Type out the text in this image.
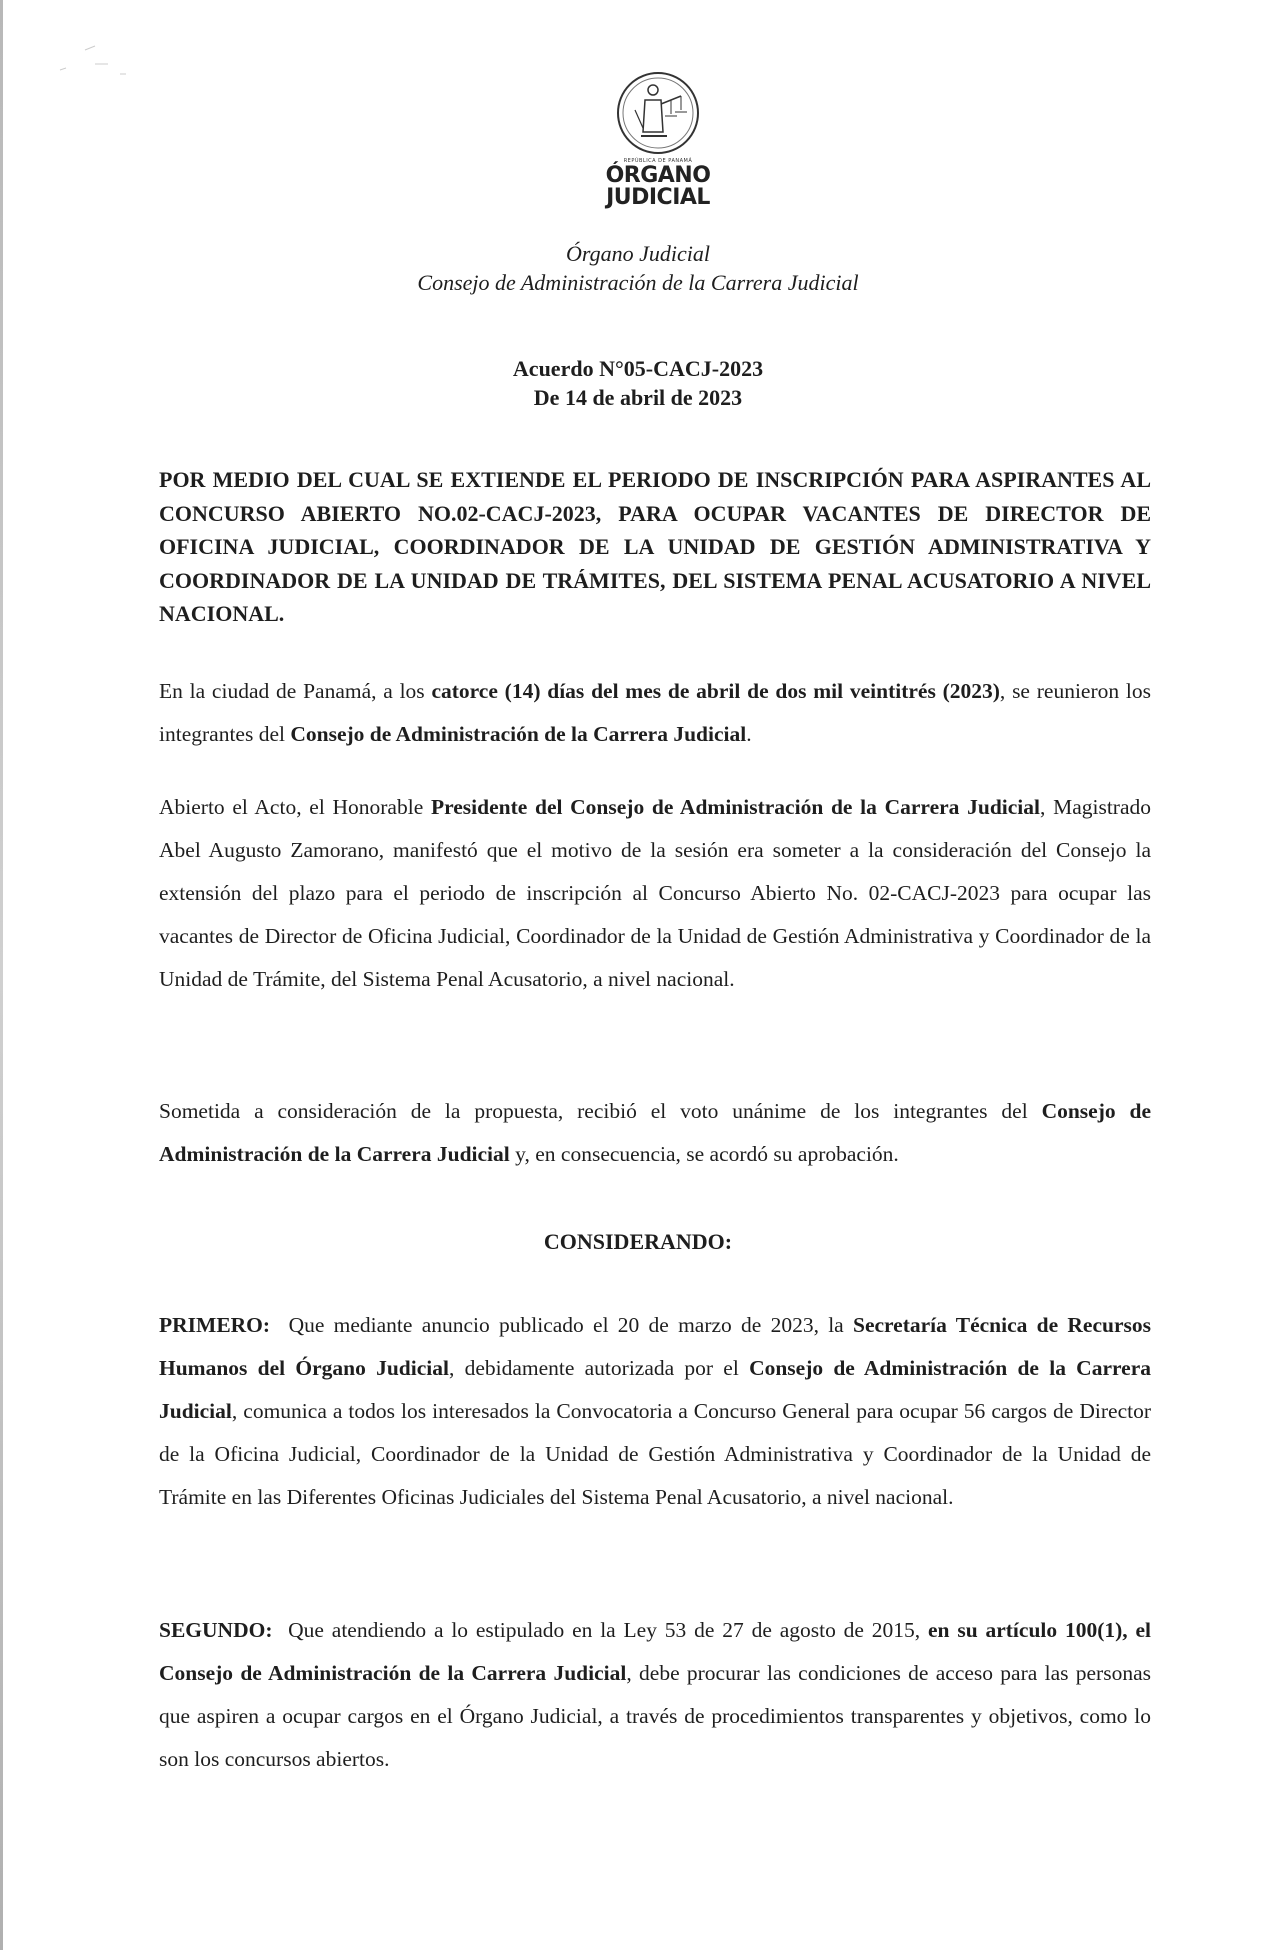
REPÚBLICA DE PANAMÁ
ÓRGANO
JUDICIAL
Órgano Judicial
Consejo de Administración de la Carrera Judicial
Acuerdo N°05-CACJ-2023
De 14 de abril de 2023
POR MEDIO DEL CUAL SE EXTIENDE EL PERIODO DE INSCRIPCIÓN PARA ASPIRANTES AL CONCURSO ABIERTO NO.02-CACJ-2023, PARA OCUPAR VACANTES DE DIRECTOR DE OFICINA JUDICIAL, COORDINADOR DE LA UNIDAD DE GESTIÓN ADMINISTRATIVA Y COORDINADOR DE LA UNIDAD DE TRÁMITES, DEL SISTEMA PENAL ACUSATORIO A NIVEL NACIONAL.
En la ciudad de Panamá, a los catorce (14) días del mes de abril de dos mil veintitrés (2023), se reunieron los integrantes del Consejo de Administración de la Carrera Judicial.
Abierto el Acto, el Honorable Presidente del Consejo de Administración de la Carrera Judicial, Magistrado Abel Augusto Zamorano, manifestó que el motivo de la sesión era someter a la consideración del Consejo la extensión del plazo para el periodo de inscripción al Concurso Abierto No. 02-CACJ-2023 para ocupar las vacantes de Director de Oficina Judicial, Coordinador de la Unidad de Gestión Administrativa y Coordinador de la Unidad de Trámite, del Sistema Penal Acusatorio, a nivel nacional.
Sometida a consideración de la propuesta, recibió el voto unánime de los integrantes del Consejo de Administración de la Carrera Judicial y, en consecuencia, se acordó su aprobación.
CONSIDERANDO:
PRIMERO:  Que mediante anuncio publicado el 20 de marzo de 2023, la Secretaría Técnica de Recursos Humanos del Órgano Judicial, debidamente autorizada por el Consejo de Administración de la Carrera Judicial, comunica a todos los interesados la Convocatoria a Concurso General para ocupar 56 cargos de Director de la Oficina Judicial, Coordinador de la Unidad de Gestión Administrativa y Coordinador de la Unidad de Trámite en las Diferentes Oficinas Judiciales del Sistema Penal Acusatorio, a nivel nacional.
SEGUNDO:  Que atendiendo a lo estipulado en la Ley 53 de 27 de agosto de 2015, en su artículo 100(1), el Consejo de Administración de la Carrera Judicial, debe procurar las condiciones de acceso para las personas que aspiren a ocupar cargos en el Órgano Judicial, a través de procedimientos transparentes y objetivos, como lo son los concursos abiertos.
